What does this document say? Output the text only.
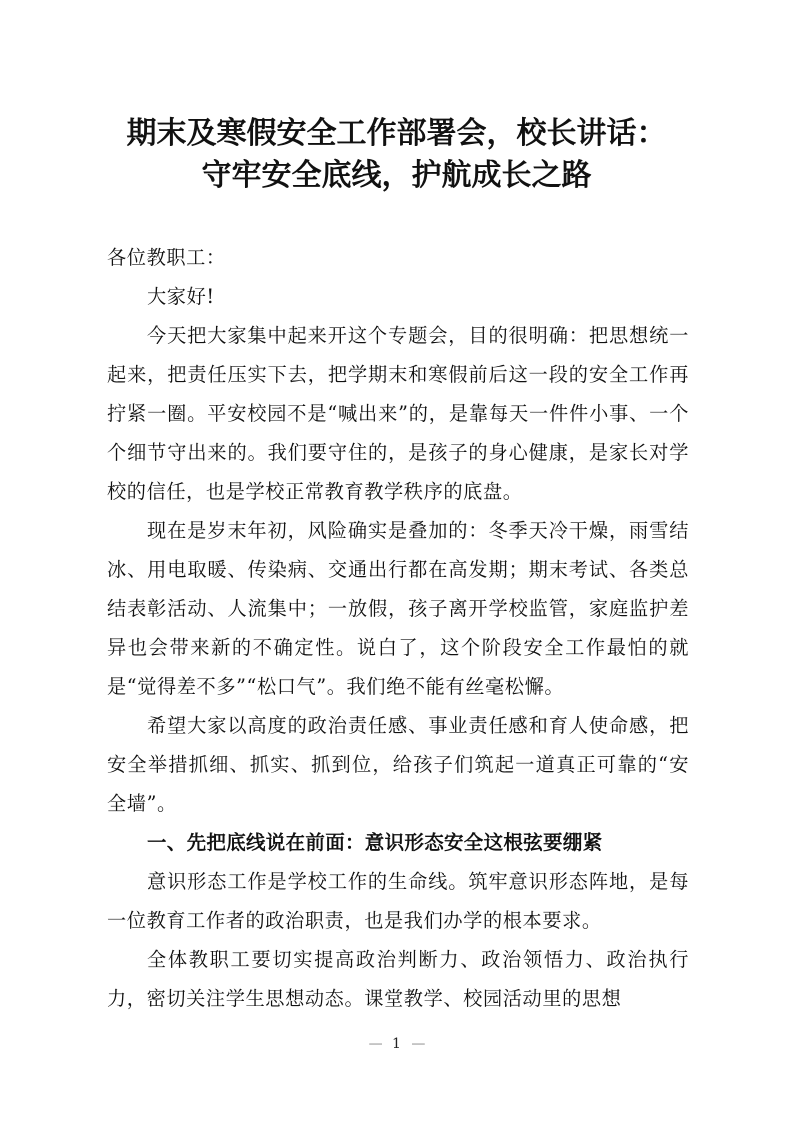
期末及寒假安全工作部署会，校长讲话：
守牢安全底线，护航成长之路

各位教职工：

大家好!

今天把大家集中起来开这个专题会，目的很明确：把思想统一起来，把责任压实下去，把学期末和寒假前后这一段的安全工作再拧紧一圈。平安校园不是“喊出来”的，是靠每天一件件小事、一个个细节守出来的。我们要守住的，是孩子的身心健康，是家长对学校的信任，也是学校正常教育教学秩序的底盘。

现在是岁末年初，风险确实是叠加的：冬季天冷干燥，雨雪结冰、用电取暖、传染病、交通出行都在高发期；期末考试、各类总结表彰活动、人流集中；一放假，孩子离开学校监管，家庭监护差异也会带来新的不确定性。说白了，这个阶段安全工作最怕的就是“觉得差不多”“松口气”。我们绝不能有丝毫松懈。

希望大家以高度的政治责任感、事业责任感和育人使命感，把安全举措抓细、抓实、抓到位，给孩子们筑起一道真正可靠的“安全墙”。

一、先把底线说在前面：意识形态安全这根弦要绷紧

意识形态工作是学校工作的生命线。筑牢意识形态阵地，是每一位教育工作者的政治职责，也是我们办学的根本要求。

全体教职工要切实提高政治判断力、政治领悟力、政治执行力，密切关注学生思想动态。课堂教学、校园活动里的思想

— 1 —
